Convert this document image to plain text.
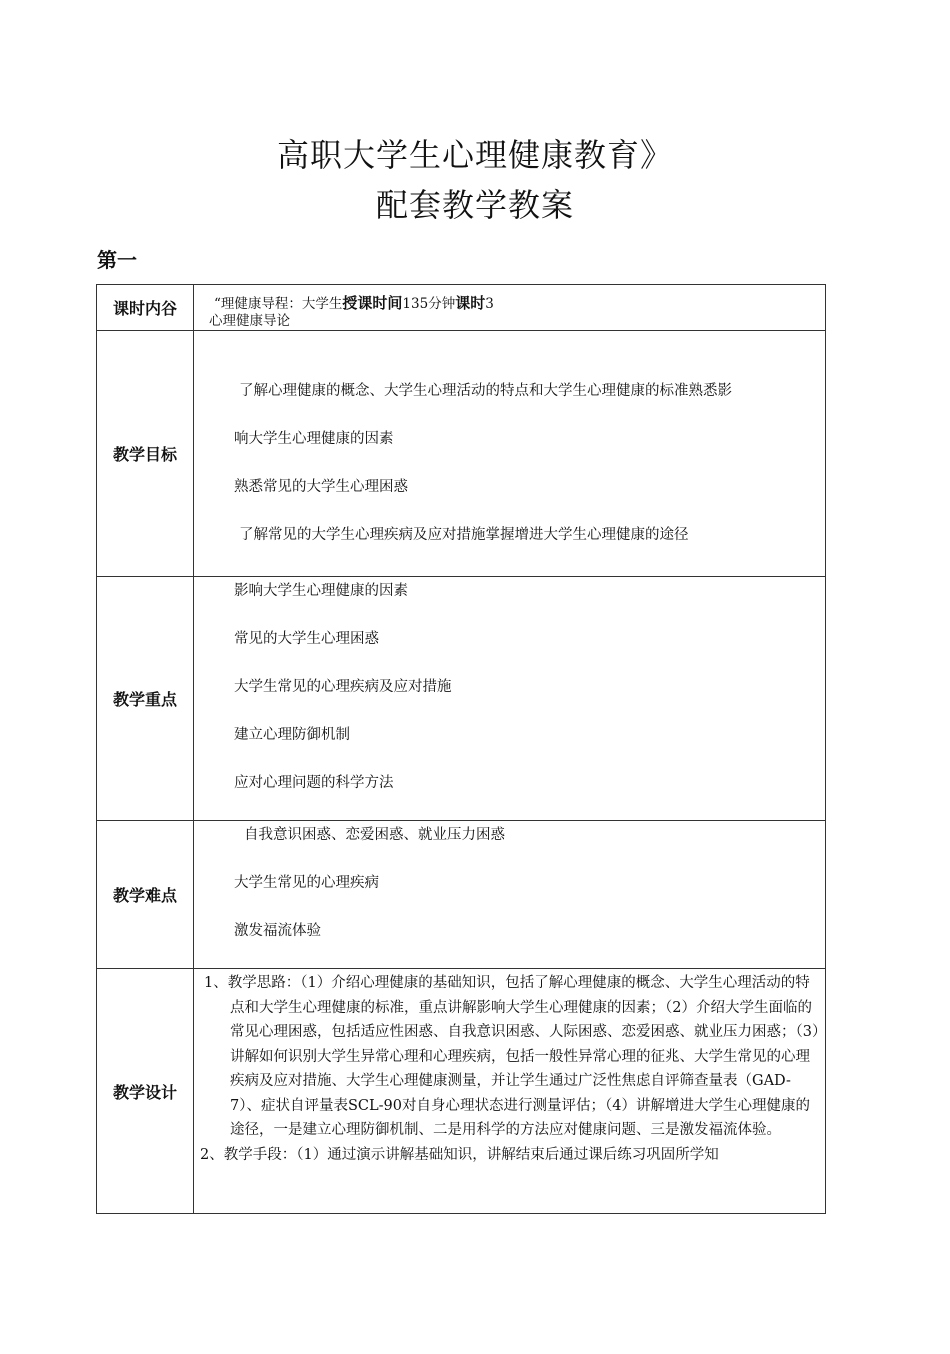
高职大学生心理健康教育》
配套教学教案
第一
课时内谷	“理健康导程：大学生授课时间135分钟课时3
心理健康导论

教学目标	了解心理健康的概念、大学生心理活动的特点和大学生心理健康的标准熟悉影
响大学生心理健康的因素
熟悉常见的大学生心理困惑
了解常见的大学生心理疾病及应对措施掌握增进大学生心理健康的途径

教学重点	影响大学生心理健康的因素
常见的大学生心理困惑
大学生常见的心理疾病及应对措施
建立心理防御机制
应对心理问题的科学方法

教学难点	自我意识困惑、恋爱困惑、就业压力困惑
大学生常见的心理疾病
激发福流体验

教学设计	1、教学思路：（1）介绍心理健康的基础知识，包括了解心理健康的概念、大学生心理活动的特点和大学生心理健康的标准，重点讲解影响大学生心理健康的因素；（2）介绍大学生面临的常见心理困惑，包括适应性困惑、自我意识困惑、人际困惑、恋爱困惑、就业压力困惑；（3）讲解如何识别大学生异常心理和心理疾病，包括一般性异常心理的征兆、大学生常见的心理疾病及应对措施、大学生心理健康测量，并让学生通过广泛性焦虑自评筛查量表（GAD-7）、症状自评量表SCL-90对自身心理状态进行测量评估；（4）讲解增进大学生心理健康的途径，一是建立心理防御机制、二是用科学的方法应对健康问题、三是激发福流体验。

2、教学手段：（1）通过演示讲解基础知识，讲解结束后通过课后练习巩固所学知
